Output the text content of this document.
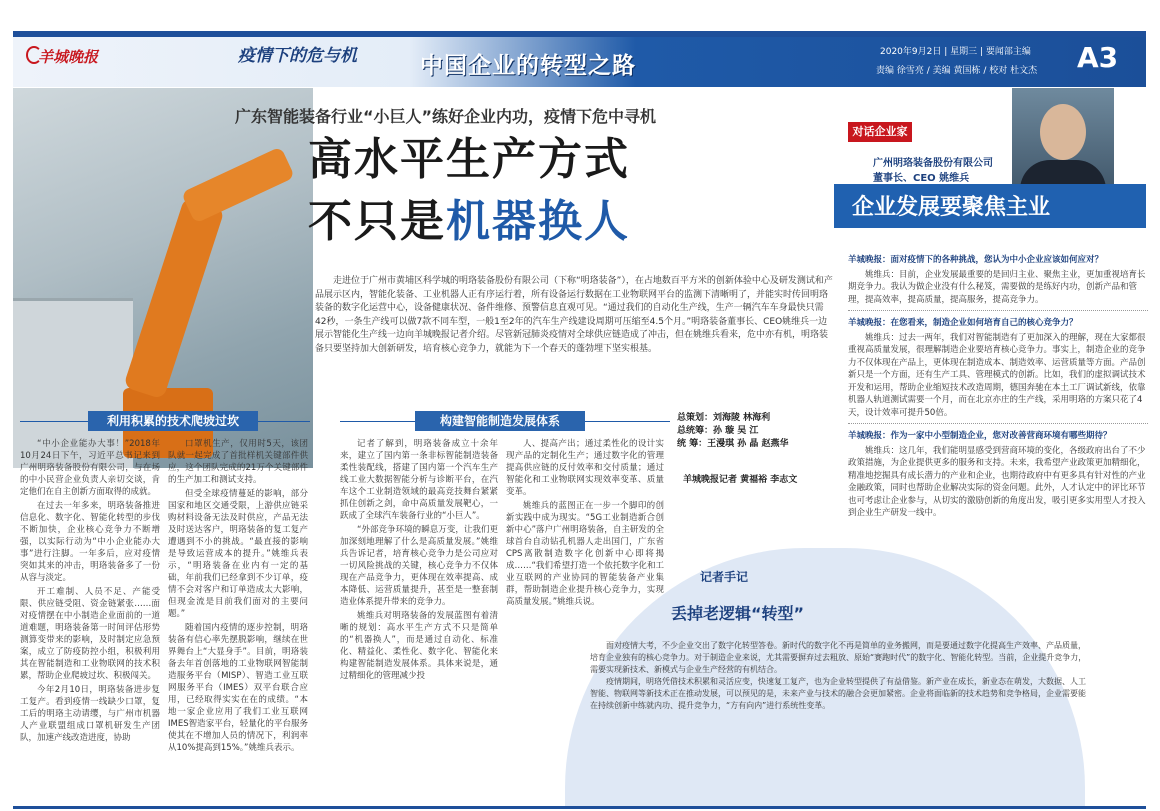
羊城晚报	疫情下的危与机	中国企业的转型之路
2020年9月2日 | 星期三 | 要闻部主编
责编 徐雪亮 / 美编 黄国栋 / 校对 杜文杰 A3
广东智能装备行业“小巨人”练好企业内功，疫情下危中寻机
高水平生产方式
不只是机器换人
对话企业家
广州明珞装备股份有限公司
董事长、CEO 姚维兵
企业发展要聚焦主业
走进位于广州市黄埔区科学城的明珞装备股份有限公司（下称“明珞装备”），在占地数百平方米的创新体验中心及研发测试和产品展示区内，智能化装备、工业机器人正有序运行着，所有设备运行数据在工业物联网平台的监测下清晰明了，并能实时传回明珞装备的数字化运营中心，设备健康状况、备件维修、预警信息直观可见。“通过我们的自动化生产线，生产一辆汽车车身最快只需42秒，一条生产线可以做7款不同车型，一般1至2年的汽车生产线建设周期可压缩至4.5个月。”明珞装备董事长、CEO姚维兵一边展示智能化生产线一边向羊城晚报记者介绍。尽管新冠肺炎疫情对全球供应链造成了冲击，但在姚维兵看来，危中亦有机，明珞装备只要坚持加大创新研发，培育核心竞争力，就能为下一个春天的蓬勃埋下坚实根基。
利用积累的技术爬坡过坎	构建智能制造发展体系

“中小企业能办大事！”2018年10月24日下午，习近平总书记来到广州明珞装备股份有限公司，与在场的中小民营企业负责人亲切交谈，肯定他们在自主创新方面取得的成就。

在过去一年多来，明珞装备推进信息化、数字化、智能化转型的步伐不断加快，企业核心竞争力不断增强，以实际行动为“中小企业能办大事”进行注脚。一年多后，应对疫情突如其来的冲击，明珞装备多了一份从容与淡定。

开工难制、人员不足、产能受限、供应链受阻、资金链紧张……面对疫情摆在中小制造企业面前的一道道难题，明珞装备第一时间评估形势测算变带来的影响，及时制定应急预案，成立了防疫防控小组，积极利用其在智能制造和工业物联网的技术积累，帮助企业爬坡过坎、积极闯关。

今年2月10日，明珞装备进步复工复产。看到疫情一线缺少口罩，复工后的明珞主动请缨，与广州市机器人产业联盟组成口罩机研发生产团队，加速产线改造进度，协助

口罩机生产，仅用时5天，该团队就一起完成了首批样机关键部件供应，这个团队完成的21万个关键部件的生产加工和测试支持。

但受全球疫情蔓延的影响，部分国家和地区交通受限，上游供应链采购材料设备无法及时供应，产品无法及时送达客户，明珞装备的复工复产遭遇到不小的挑战。“最直接的影响是导致运营成本的提升。”姚维兵表示，“明珞装备在业内有一定的基础，年前我们已经拿到不少订单，疫情不会对客户和订单造成太大影响，但现金流是目前我们面对的主要问题。”

随着国内疫情的逐步控制，明珞装备有信心率先摆脱影响，继续在世界舞台上“大显身手”。目前，明珞装备去年首创落地的工业物联网智能制造服务平台（MISP）、智造工业互联网服务平台（IMES）双平台联合应用，已经取得实实在在的成绩。“本地一家企业应用了我们工业互联网IMES智造家平台，轻量化的平台服务使其在不增加人员的情况下，利润率从10%提高到15%。”姚维兵表示。

记者了解到，明珞装备成立十余年来，建立了国内第一条非标智能制造装备柔性装配线，搭建了国内第一个汽车生产线工业大数据智能分析与诊断平台，在汽车这个工业制造领域的最高竞技舞台紧紧抓住创新之剑，命中高质量发展靶心，一跃成了全球汽车装备行业的“小巨人”。

“外部竞争环境的瞬息万变，让我们更加深刻地理解了什么是高质量发展。”姚维兵告诉记者，培育核心竞争力是公司应对一切风险挑战的关键，核心竞争力不仅体现在产品竞争力，更体现在效率提高、成本降低、运营质量提升，甚至是一整套制造业体系提升带来的竞争力。

姚维兵对明珞装备的发展蓝图有着清晰的规划：高水平生产方式不只是简单的“机器换人”，而是通过自动化、标准化、精益化、柔性化、数字化、智能化来构建智能制造发展体系。具体来说是，通过精细化的管理减少投

人、提高产出；通过柔性化的设计实现产品的定制化生产；通过数字化的管理提高供应链的反付效率和交付质量；通过智能化和工业物联网实现效率变革、质量变革。

姚维兵的蓝图正在一步一个脚印的创新实践中成为现实。“5G工业制造新合创新中心”落户广州明珞装备，自主研发的全球首台自动钻孔机器人走出国门，广东省CPS离散制造数字化创新中心即将揭成……“我们希望打造一个依托数字化和工业互联网的产业协同的智能装备产业集群，帮助制造企业提升核心竞争力，实现高质量发展。”姚维兵说。

总策划：刘海陵 林海利
总统筹：孙 璇 吴 江
统 筹：王漫琪 孙 晶 赵燕华
羊城晚报记者 黄福裕 李志文
羊城晚报：面对疫情下的各种挑战，您认为中小企业应该如何应对？
姚维兵：目前，企业发展最重要的是回归主业、聚焦主业，更加重视培育长期竞争力。我认为做企业没有什么秘笈，需要做的是练好内功，创新产品和管理，提高效率，提高质量，提高服务，提高竞争力。
羊城晚报：在您看来，制造企业如何培育自己的核心竞争力？
姚维兵：过去一两年，我们对智能制造有了更加深入的理解，现在大家都很重视高质量发展，很理解制造企业要培育核心竞争力。事实上，制造企业的竞争力不仅体现在产品上，更体现在制造成本、制造效率、运营质量等方面。产品创新只是一个方面，还有生产工具、管理模式的创新。比如，我们的虚拟调试技术开发和运用，帮助企业缩短技术改造周期，德国奔驰在本土工厂调试新线，依靠机器人轨道测试需要一个月，而在北京亦庄的生产线，采用明珞的方案只花了4天，设计效率可提升50倍。
羊城晚报：作为一家中小型制造企业，您对改善营商环境有哪些期待？
姚维兵：这几年，我们能明显感受到营商环境的变化，各级政府出台了不少政策措施，为企业提供更多的服务和支持。未来，我希望产业政策更加精细化，精准地挖掘具有成长潜力的产业和企业，也期待政府中有更多具有针对性的产业金融政策，同时也帮助企业解决实际的资金问题。此外，人才认定中的评比环节也可考虑让企业参与，从切实的激励创新的角度出发，吸引更多实用型人才投入到企业生产研发一线中。
记者手记
丢掉老逻辑“转型”

面对疫情大考，不少企业交出了数字化转型答卷。新时代的数字化不再是简单的业务搬网，而是要通过数字化提高生产效率、产品质量，培育企业独有的核心竞争力。对于制造企业来说，尤其需要摒弃过去粗放、原始“赛跑时代”的数字化、智能化转型。当前，企业提升竞争力，需要实现新技术、新模式与企业生产经营的有机结合。

疫情期间，明珞凭借技术积累和灵活应变，快速复工复产，也为企业转型提供了有益借鉴。新产业在成长，新业态在萌发，大数据、人工智能、物联网等新技术正在推动发展，可以预见的是，未来产业与技术的融合会更加紧密。企业将面临新的技术趋势和竞争格局，企业需要能在持续创新中练就内功、提升竞争力，“方有向内”进行系统性变革。
